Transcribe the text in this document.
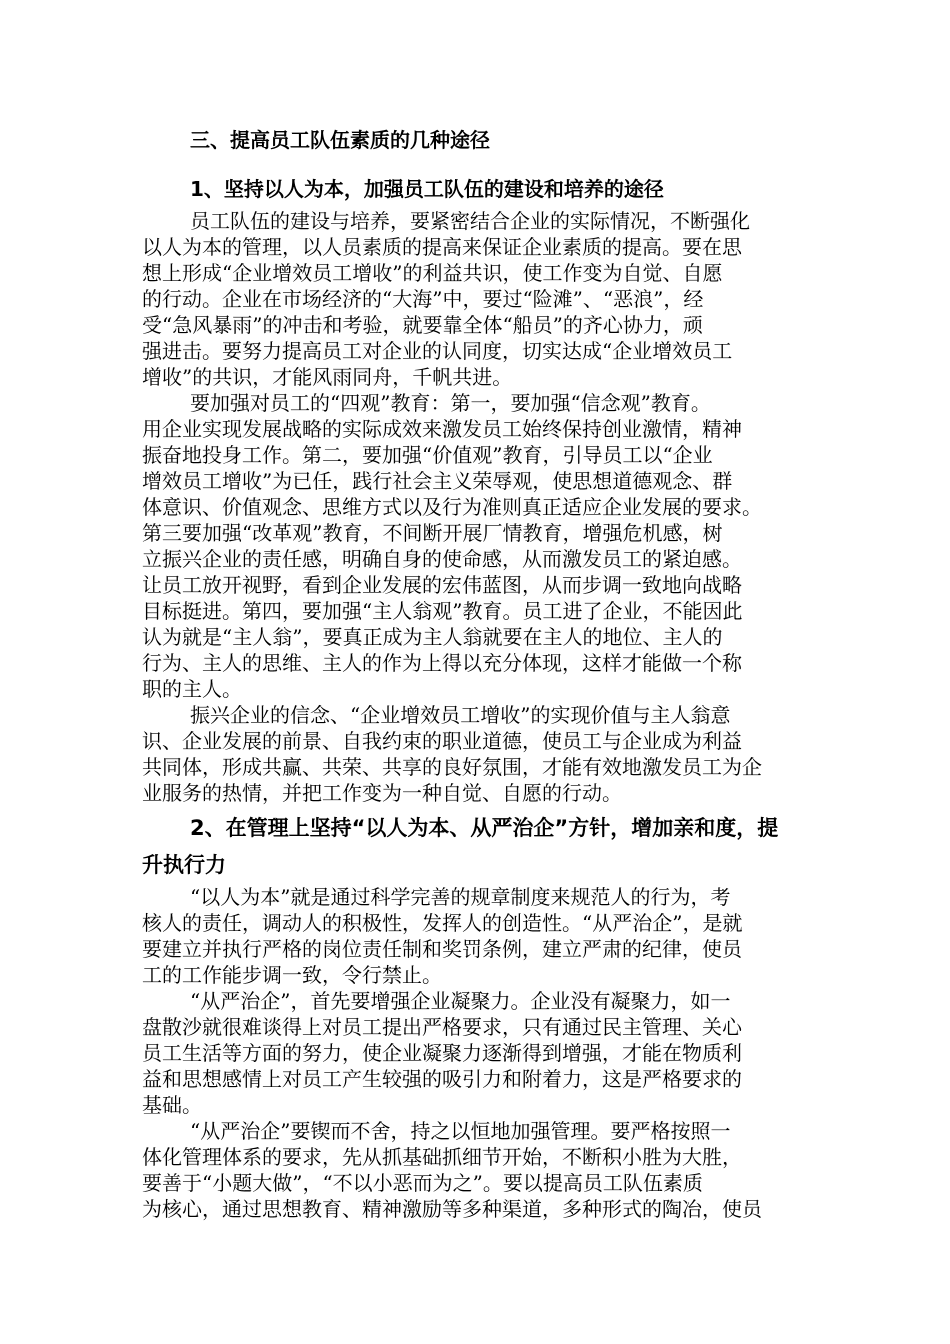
三、提高员工队伍素质的几种途径

1、坚持以人为本，加强员工队伍的建设和培养的途径

员工队伍的建设与培养，要紧密结合企业的实际情况，不断强化

以人为本的管理，以人员素质的提高来保证企业素质的提高。要在思

想上形成“企业增效员工增收”的利益共识，使工作变为自觉、自愿

的行动。企业在市场经济的“大海”中，要过“险滩”、“恶浪”，经

受“急风暴雨”的冲击和考验，就要靠全体“船员”的齐心协力，顽

强进击。要努力提高员工对企业的认同度，切实达成“企业增效员工

增收”的共识，才能风雨同舟，千帆共进。

要加强对员工的“四观”教育：第一，要加强“信念观”教育。

用企业实现发展战略的实际成效来激发员工始终保持创业激情，精神

振奋地投身工作。第二，要加强“价值观”教育，引导员工以“企业

增效员工增收”为已任，践行社会主义荣辱观，使思想道德观念、群

体意识、价值观念、思维方式以及行为准则真正适应企业发展的要求。

第三要加强“改革观”教育，不间断开展厂情教育，增强危机感，树

立振兴企业的责任感，明确自身的使命感，从而激发员工的紧迫感。

让员工放开视野，看到企业发展的宏伟蓝图，从而步调一致地向战略

目标挺进。第四，要加强“主人翁观”教育。员工进了企业，不能因此

认为就是“主人翁”，要真正成为主人翁就要在主人的地位、主人的

行为、主人的思维、主人的作为上得以充分体现，这样才能做一个称

职的主人。

振兴企业的信念、“企业增效员工增收”的实现价值与主人翁意

识、企业发展的前景、自我约束的职业道德，使员工与企业成为利益

共同体，形成共赢、共荣、共享的良好氛围，才能有效地激发员工为企

业服务的热情，并把工作变为一种自觉、自愿的行动。

2、在管理上坚持“以人为本、从严治企”方针，增加亲和度，提

升执行力

“以人为本”就是通过科学完善的规章制度来规范人的行为，考

核人的责任，调动人的积极性，发挥人的创造性。“从严治企”，是就

要建立并执行严格的岗位责任制和奖罚条例，建立严肃的纪律，使员

工的工作能步调一致，令行禁止。

“从严治企”，首先要增强企业凝聚力。企业没有凝聚力，如一

盘散沙就很难谈得上对员工提出严格要求，只有通过民主管理、关心

员工生活等方面的努力，使企业凝聚力逐渐得到增强，才能在物质利

益和思想感情上对员工产生较强的吸引力和附着力，这是严格要求的

基础。

“从严治企”要锲而不舍，持之以恒地加强管理。要严格按照一

体化管理体系的要求，先从抓基础抓细节开始，不断积小胜为大胜，

要善于“小题大做”，“不以小恶而为之”。要以提高员工队伍素质

为核心，通过思想教育、精神激励等多种渠道，多种形式的陶冶，使员
